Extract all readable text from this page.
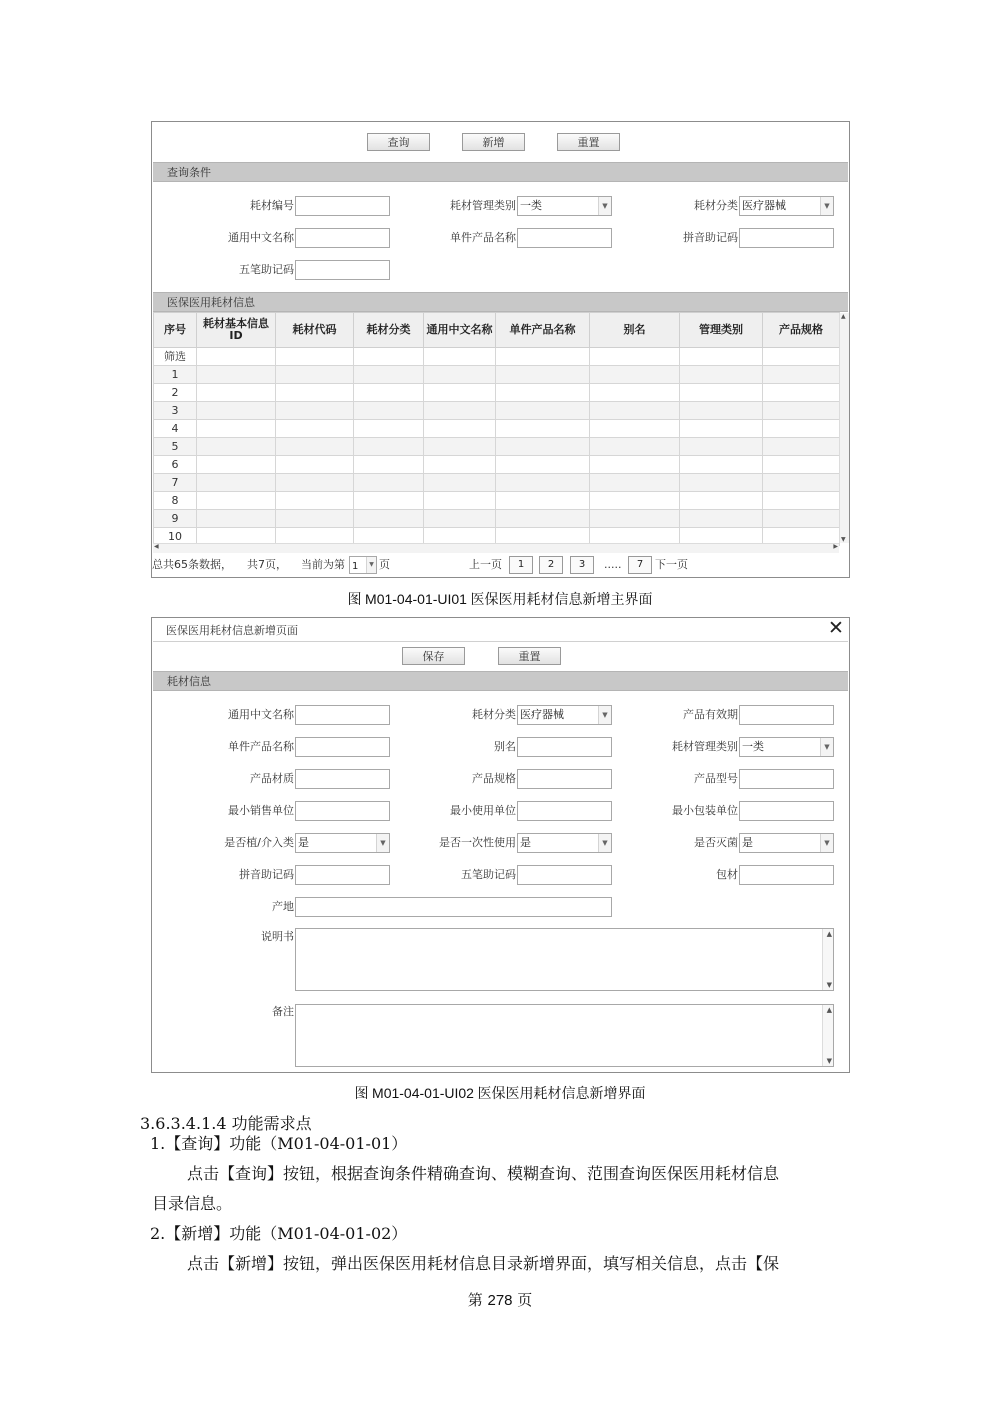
查询	新增	重置
查询条件
耗材编号	耗材管理类别 一类	▼	耗材分类 医疗器械	▼
通用中文名称	单件产品名称	拼音助记码
五笔助记码
医保医用耗材信息
序号	耗材基本信息ID	耗材代码	耗材分类	通用中文名称	单件产品名称	别名	管理类别	产品规格
筛选								
1								
2								
3								
4								
5								
6								
7								
8								
9								
10								
▲
▼
◀	▶
总共65条数据， 共7页， 当前为第 1	▼ 页	上一页	1	2	3	.....	7	下一页
图 M01-04-01-UI01 医保医用耗材信息新增主界面
医保医用耗材信息新增页面	✕
保存	重置
耗材信息
通用中文名称	耗材分类 医疗器械	▼	产品有效期
单件产品名称	别名	耗材管理类别 一类	▼
产品材质	产品规格	产品型号
最小销售单位	最小使用单位	最小包装单位
是否植/介入类 是	▼	是否一次性使用 是	▼	是否灭菌 是	▼
拼音助记码	五笔助记码	包材
产地
说明书	▲
▼
备注	▲
▼
图 M01-04-01-UI02 医保医用耗材信息新增界面
3.6.3.4.1.4 功能需求点
1.【查询】功能（M01-04-01-01）
点击【查询】按钮，根据查询条件精确查询、模糊查询、范围查询医保医用耗材信息
目录信息。
2.【新增】功能（M01-04-01-02）
点击【新增】按钮，弹出医保医用耗材信息目录新增界面，填写相关信息，点击【保
第 278 页
